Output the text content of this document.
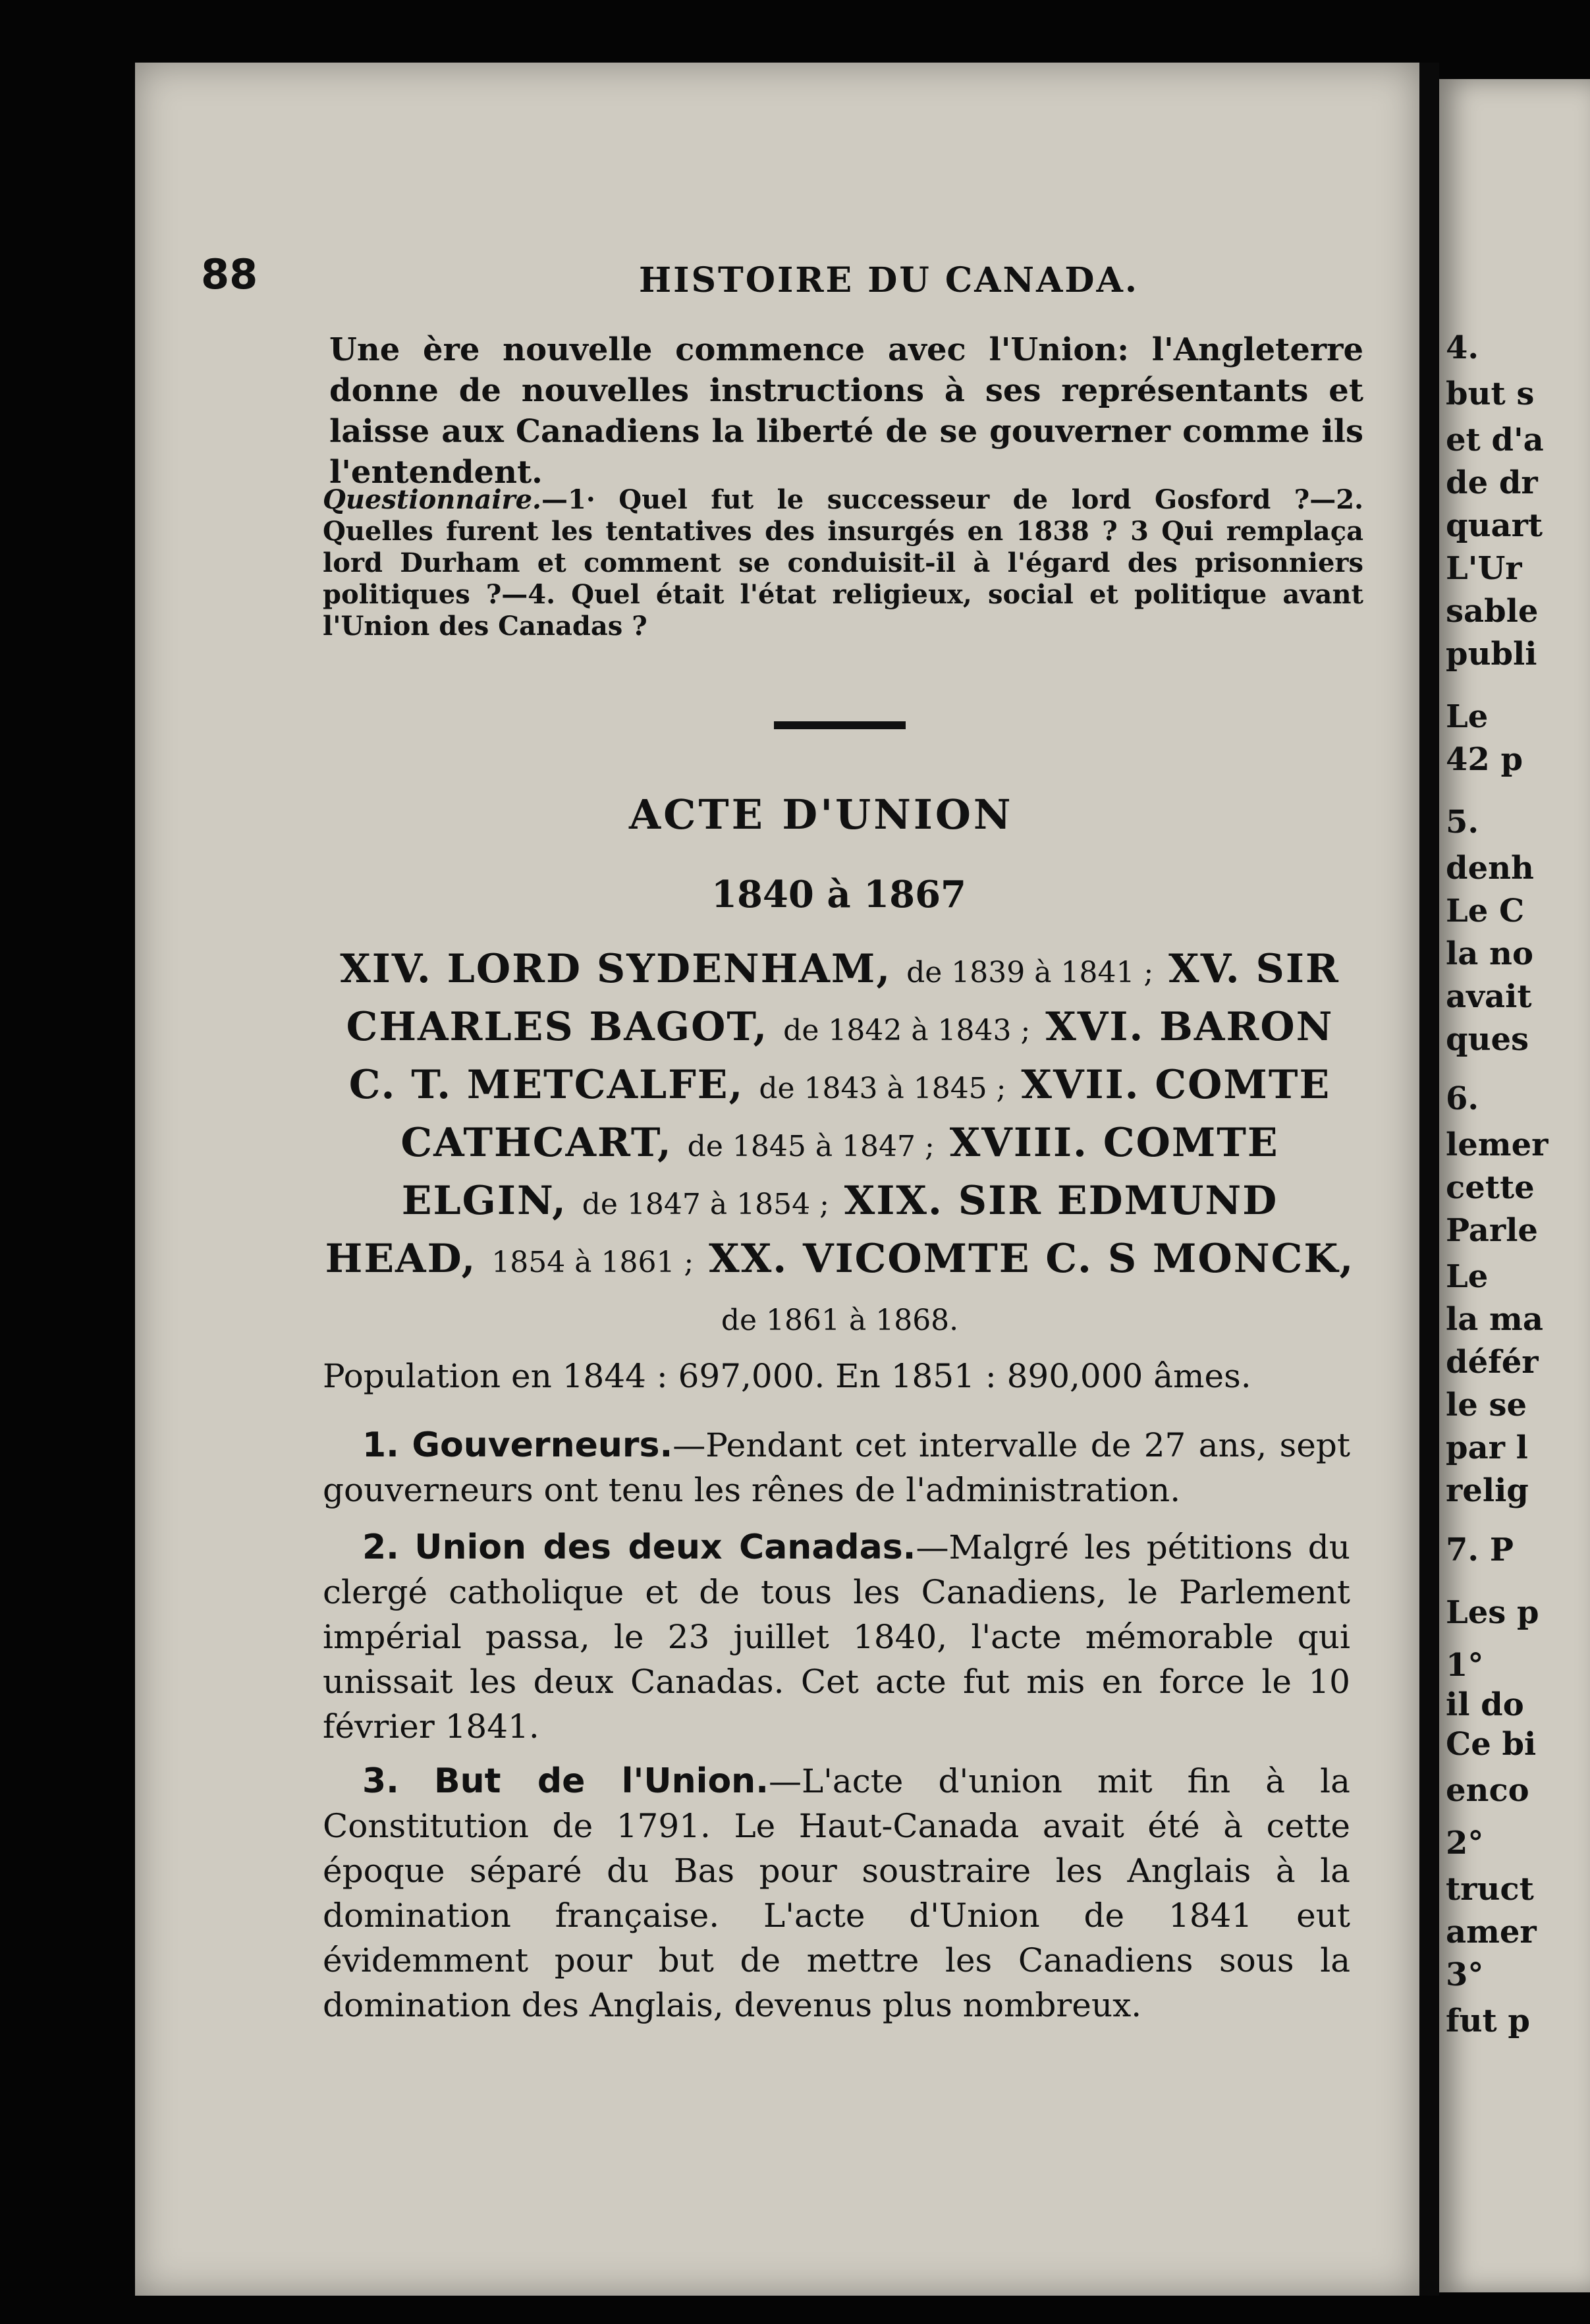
88	HISTOIRE DU CANADA.
Une ère nouvelle commence avec l'Union: l'Angleterre donne de nouvelles instructions à ses représentants et laisse aux Canadiens la liberté de se gouverner comme ils l'entendent.
Questionnaire.—1· Quel fut le successeur de lord Gosford ?—2. Quelles furent les tentatives des insurgés en 1838 ? 3 Qui remplaça lord Durham et comment se conduisit-il à l'égard des prisonniers politiques ?—4. Quel était l'état religieux, social et politique avant l'Union des Canadas ?
ACTE D'UNION
1840 à 1867
XIV. LORD SYDENHAM, de 1839 à 1841 ; XV. SIR CHARLES BAGOT, de 1842 à 1843 ; XVI. BARON C. T. METCALFE, de 1843 à 1845 ; XVII. COMTE CATHCART, de 1845 à 1847 ; XVIII. COMTE ELGIN, de 1847 à 1854 ; XIX. SIR EDMUND HEAD, 1854 à 1861 ; XX. VICOMTE C. S MONCK, de 1861 à 1868.
Population en 1844 : 697,000. En 1851 : 890,000 âmes.
1. Gouverneurs.—Pendant cet intervalle de 27 ans, sept gouverneurs ont tenu les rênes de l'administration.
2. Union des deux Canadas.—Malgré les pétitions du clergé catholique et de tous les Canadiens, le Parlement impérial passa, le 23 juillet 1840, l'acte mémorable qui unissait les deux Canadas. Cet acte fut mis en force le 10 février 1841.
3. But de l'Union.—L'acte d'union mit fin à la Constitution de 1791. Le Haut-Canada avait été à cette époque séparé du Bas pour soustraire les Anglais à la domination française. L'acte d'Union de 1841 eut évidemment pour but de mettre les Canadiens sous la domination des Anglais, devenus plus nombreux.
4.
but s
et d'a
de dr
quart
L'Ur
sable
publi
Le
42 p
5.
denh
Le C
la no
avait
ques
6.
lemer
cette
Parle
Le
la ma
défér
le se
par l
relig
7. P
Les p
1°
il do
Ce bi
enco
2°
truct
amer
3°
fut p
